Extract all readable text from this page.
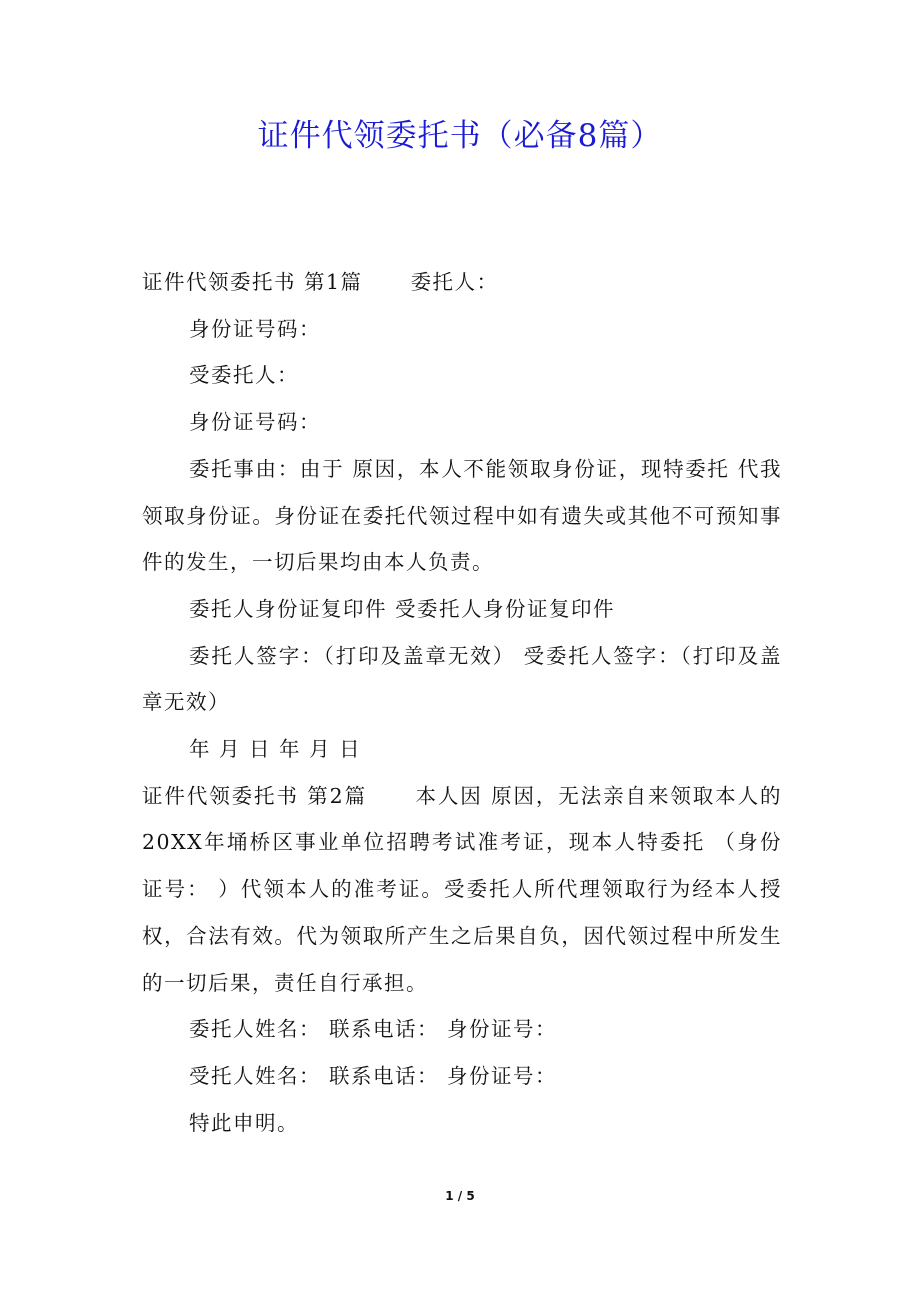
证件代领委托书（必备8篇）

证件代领委托书 第1篇 委托人：

身份证号码：

受委托人：

身份证号码：

委托事由：由于 原因，本人不能领取身份证，现特委托 代我领取身份证。身份证在委托代领过程中如有遗失或其他不可预知事件的发生，一切后果均由本人负责。

委托人身份证复印件 受委托人身份证复印件

委托人签字：（打印及盖章无效） 受委托人签字：（打印及盖章无效）

年 月 日 年 月 日

证件代领委托书 第2篇 本人因 原因，无法亲自来领取本人的20XX年埇桥区事业单位招聘考试准考证，现本人特委托 （身份证号： ）代领本人的准考证。受委托人所代理领取行为经本人授权，合法有效。代为领取所产生之后果自负，因代领过程中所发生的一切后果，责任自行承担。

委托人姓名： 联系电话： 身份证号：

受托人姓名： 联系电话： 身份证号：

特此申明。

1 / 5
